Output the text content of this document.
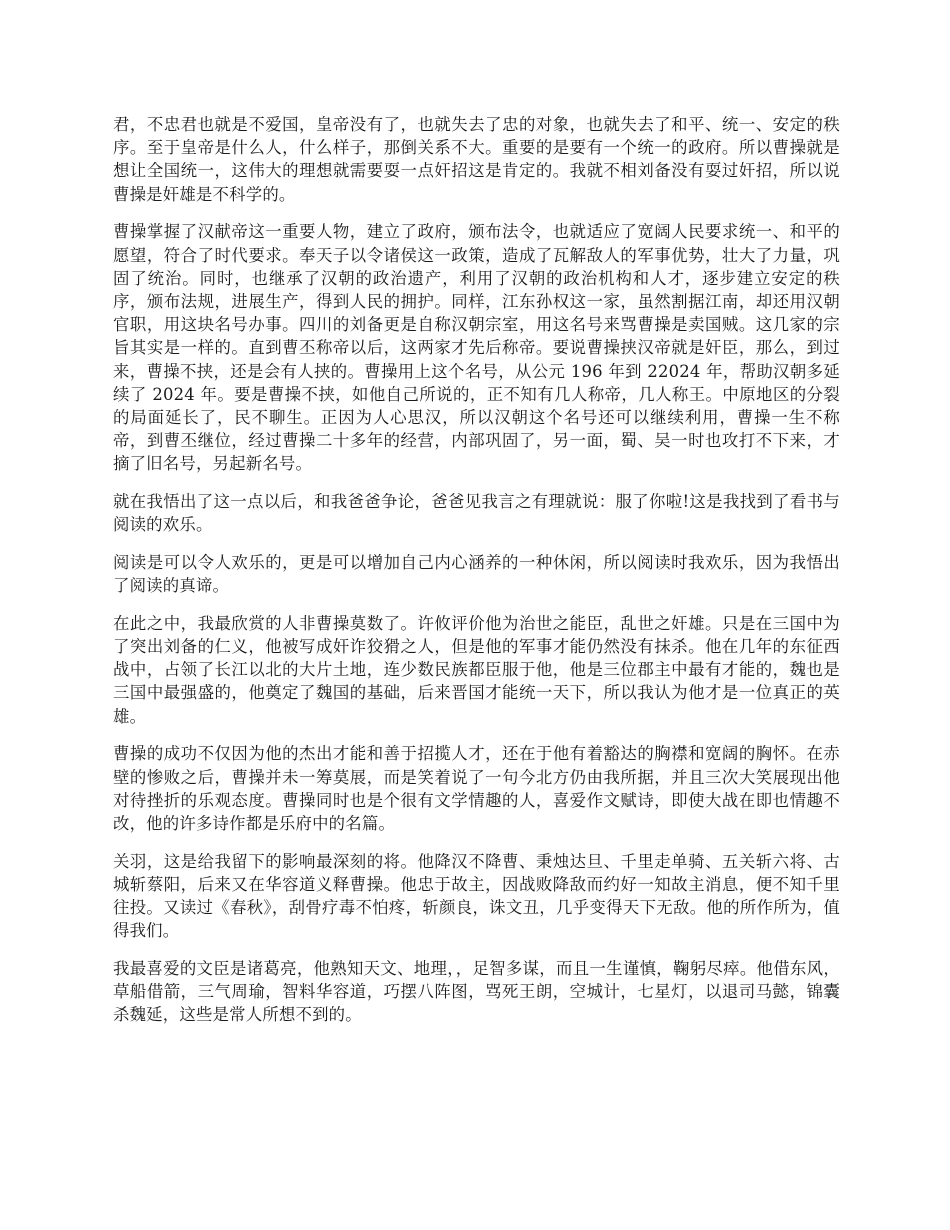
君，不忠君也就是不爱国，皇帝没有了，也就失去了忠的对象，也就失去了和平、统一、安定的秩序。至于皇帝是什么人，什么样子，那倒关系不大。重要的是要有一个统一的政府。所以曹操就是想让全国统一，这伟大的理想就需要耍一点奸招这是肯定的。我就不相刘备没有耍过奸招，所以说曹操是奸雄是不科学的。

曹操掌握了汉献帝这一重要人物，建立了政府，颁布法令，也就适应了宽阔人民要求统一、和平的愿望，符合了时代要求。奉天子以令诸侯这一政策，造成了瓦解敌人的军事优势，壮大了力量，巩固了统治。同时，也继承了汉朝的政治遗产，利用了汉朝的政治机构和人才，逐步建立安定的秩序，颁布法规，进展生产，得到人民的拥护。同样，江东孙权这一家，虽然割据江南，却还用汉朝官职，用这块名号办事。四川的刘备更是自称汉朝宗室，用这名号来骂曹操是卖国贼。这几家的宗旨其实是一样的。直到曹丕称帝以后，这两家才先后称帝。要说曹操挟汉帝就是奸臣，那么，到过来，曹操不挟，还是会有人挟的。曹操用上这个名号，从公元 196 年到 22024 年，帮助汉朝多延续了 2024 年。要是曹操不挟，如他自己所说的，正不知有几人称帝，几人称王。中原地区的分裂的局面延长了，民不聊生。正因为人心思汉，所以汉朝这个名号还可以继续利用，曹操一生不称帝，到曹丕继位，经过曹操二十多年的经营，内部巩固了，另一面，蜀、吴一时也攻打不下来，才摘了旧名号，另起新名号。

就在我悟出了这一点以后，和我爸爸争论，爸爸见我言之有理就说：服了你啦!这是我找到了看书与阅读的欢乐。

阅读是可以令人欢乐的，更是可以增加自己内心涵养的一种休闲，所以阅读时我欢乐，因为我悟出了阅读的真谛。

在此之中，我最欣赏的人非曹操莫数了。许攸评价他为治世之能臣，乱世之奸雄。只是在三国中为了突出刘备的仁义，他被写成奸诈狡猾之人，但是他的军事才能仍然没有抹杀。他在几年的东征西战中，占领了长江以北的大片土地，连少数民族都臣服于他，他是三位郡主中最有才能的，魏也是三国中最强盛的，他奠定了魏国的基础，后来晋国才能统一天下，所以我认为他才是一位真正的英雄。

曹操的成功不仅因为他的杰出才能和善于招揽人才，还在于他有着豁达的胸襟和宽阔的胸怀。在赤壁的惨败之后，曹操并未一筹莫展，而是笑着说了一句今北方仍由我所据，并且三次大笑展现出他对待挫折的乐观态度。曹操同时也是个很有文学情趣的人，喜爱作文赋诗，即使大战在即也情趣不改，他的许多诗作都是乐府中的名篇。

关羽，这是给我留下的影响最深刻的将。他降汉不降曹、秉烛达旦、千里走单骑、五关斩六将、古城斩蔡阳，后来又在华容道义释曹操。他忠于故主，因战败降敌而约好一知故主消息，便不知千里往投。又读过《春秋》，刮骨疗毒不怕疼，斩颜良，诛文丑，几乎变得天下无敌。他的所作所为，值得我们。

我最喜爱的文臣是诸葛亮，他熟知天文、地理，，足智多谋，而且一生谨慎，鞠躬尽瘁。他借东风，草船借箭，三气周瑜，智料华容道，巧摆八阵图，骂死王朗，空城计，七星灯，以退司马懿，锦囊杀魏延，这些是常人所想不到的。
